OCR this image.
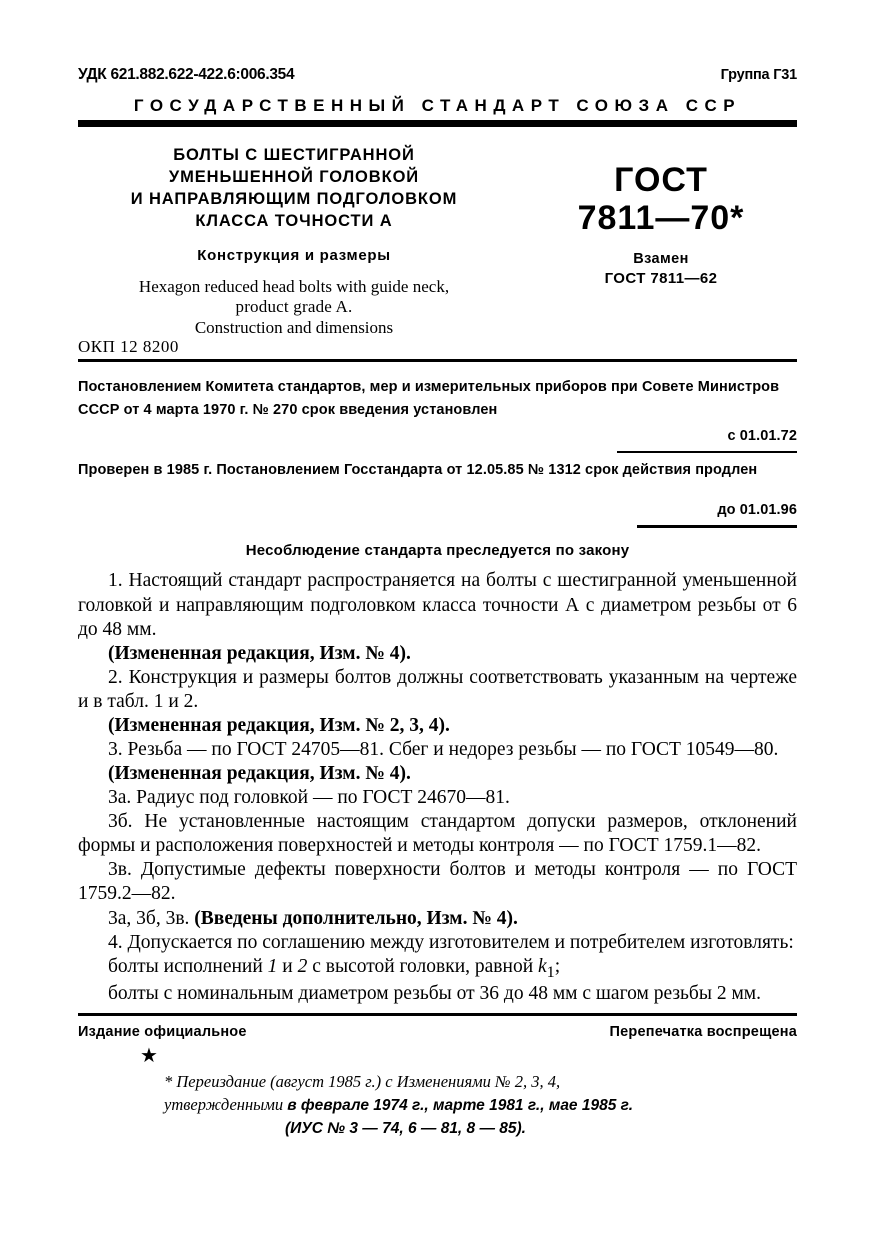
УДК 621.882.622-422.6:006.354	Группа Г31
ГОСУДАРСТВЕННЫЙ СТАНДАРТ СОЮЗА ССР
БОЛТЫ С ШЕСТИГРАННОЙ
УМЕНЬШЕННОЙ ГОЛОВКОЙ
И НАПРАВЛЯЮЩИМ ПОДГОЛОВКОМ
КЛАССА ТОЧНОСТИ А
Конструкция и размеры
Hexagon reduced head bolts with guide neck,
product grade A.
Construction and dimensions
ГОСТ
7811—70*
Взамен
ГОСТ 7811—62
ОКП 12 8200
Постановлением Комитета стандартов, мер и измерительных приборов при Совете Министров СССР от 4 марта 1970 г. № 270 срок введения установлен
с 01.01.72
Проверен в 1985 г. Постановлением Госстандарта от 12.05.85 № 1312 срок действия продлен
до 01.01.96
Несоблюдение стандарта преследуется по закону

1. Настоящий стандарт распространяется на болты с шестигранной уменьшенной головкой и направляющим подголовком класса точности А с диаметром резьбы от 6 до 48 мм.

(Измененная редакция, Изм. № 4).

2. Конструкция и размеры болтов должны соответствовать указанным на чертеже и в табл. 1 и 2.

(Измененная редакция, Изм. № 2, 3, 4).

3. Резьба — по ГОСТ 24705—81. Сбег и недорез резьбы — по ГОСТ 10549—80.

(Измененная редакция, Изм. № 4).

3а. Радиус под головкой — по ГОСТ 24670—81.

3б. Не установленные настоящим стандартом допуски размеров, отклонений формы и расположения поверхностей и методы контроля — по ГОСТ 1759.1—82.

3в. Допустимые дефекты поверхности болтов и методы контроля — по ГОСТ 1759.2—82.

3а, 3б, 3в. (Введены дополнительно, Изм. № 4).

4. Допускается по соглашению между изготовителем и потребителем изготовлять:

болты исполнений 1 и 2 с высотой головки, равной $k_1$;

болты с номинальным диаметром резьбы от 36 до 48 мм с шагом резьбы 2 мм.

Издание официальное	Перепечатка воспрещена
★
* Переиздание (август 1985 г.) с Изменениями № 2, 3, 4,
утвержденными в феврале 1974 г., марте 1981 г., мае 1985 г.
(ИУС № 3 — 74, 6 — 81, 8 — 85).
